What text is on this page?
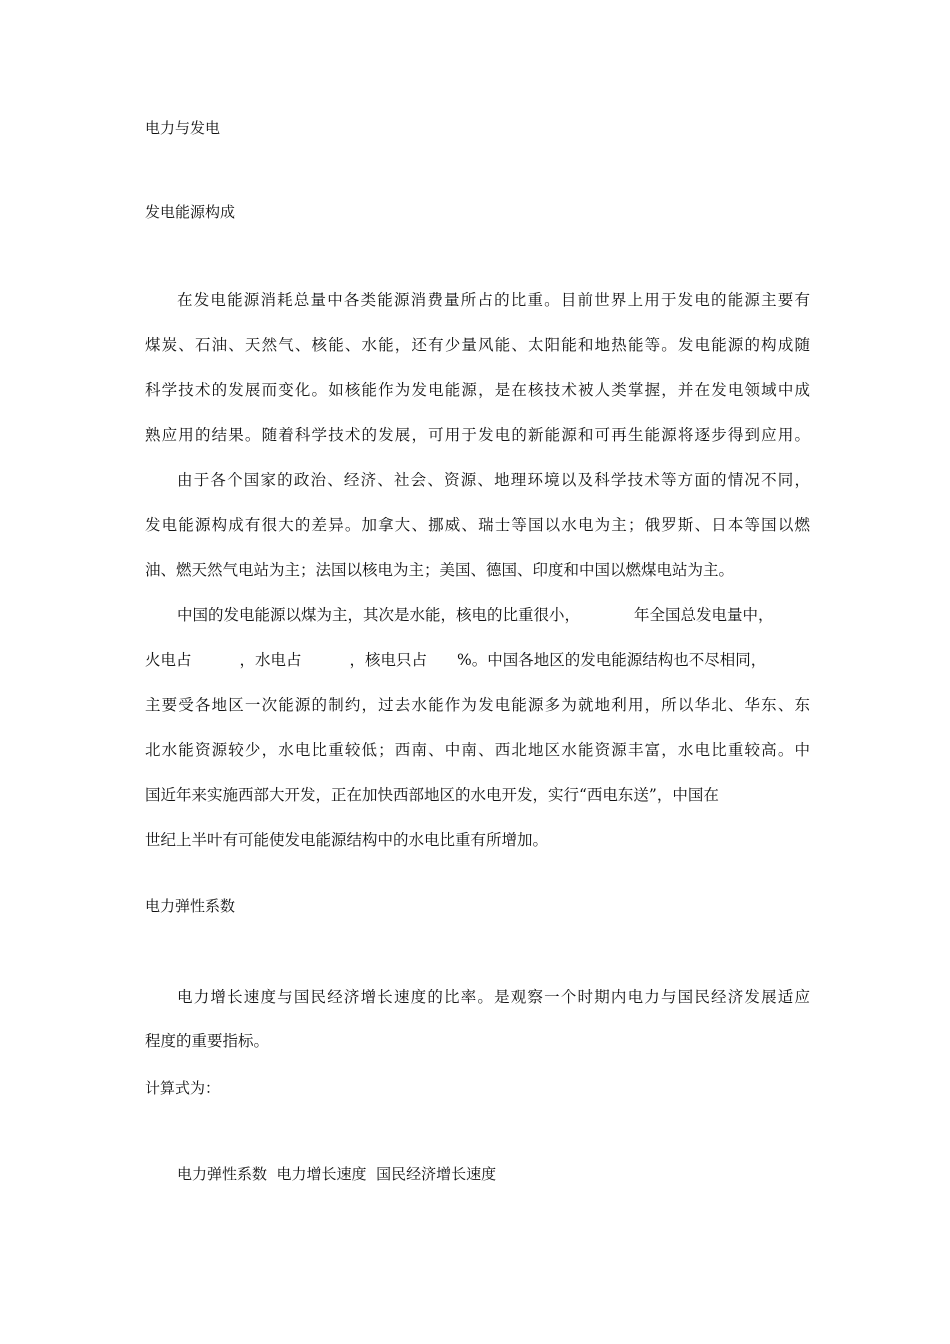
电力与发电
发电能源构成
在发电能源消耗总量中各类能源消费量所占的比重。目前世界上用于发电的能源主要有
煤炭、石油、天然气、核能、水能，还有少量风能、太阳能和地热能等。发电能源的构成随
科学技术的发展而变化。如核能作为发电能源，是在核技术被人类掌握，并在发电领域中成
熟应用的结果。随着科学技术的发展，可用于发电的新能源和可再生能源将逐步得到应用。
由于各个国家的政治、经济、社会、资源、地理环境以及科学技术等方面的情况不同，
发电能源构成有很大的差异。加拿大、挪威、瑞士等国以水电为主；俄罗斯、日本等国以燃
油、燃天然气电站为主；法国以核电为主；美国、德国、印度和中国以燃煤电站为主。
中国的发电能源以煤为主，其次是水能，核电的比重很小，	年全国总发电量中，
火电占	，水电占	，核电只占 %。中国各地区的发电能源结构也不尽相同，
主要受各地区一次能源的制约，过去水能作为发电能源多为就地利用，所以华北、华东、东
北水能资源较少，水电比重较低；西南、中南、西北地区水能资源丰富，水电比重较高。中
国近年来实施西部大开发，正在加快西部地区的水电开发，实行“西电东送”，中国在
世纪上半叶有可能使发电能源结构中的水电比重有所增加。
电力弹性系数
电力增长速度与国民经济增长速度的比率。是观察一个时期内电力与国民经济发展适应
程度的重要指标。
计算式为：
电力弹性系数  电力增长速度  国民经济增长速度
